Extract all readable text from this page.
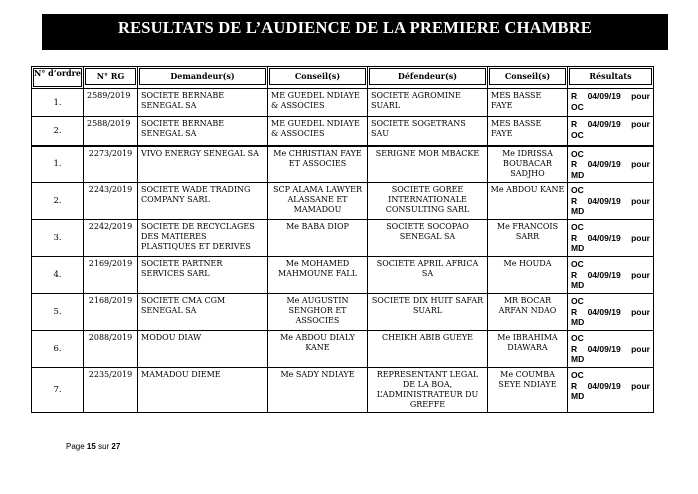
RESULTATS DE L’AUDIENCE DE LA PREMIERE CHAMBRE
N° d’ordre	N° RG	Demandeur(s)	Conseil(s)	Défendeur(s)	Conseil(s)	Résultats

1.	2589/2019	SOCIETE BERNABE SENEGAL SA	ME GUEDEL NDIAYE & ASSOCIES	SOCIETE AGROMINE SUARL	MES BASSE FAYE	R 04/09/19 pour
OC

2.	2588/2019	SOCIETE BERNABE SENEGAL SA	ME GUEDEL NDIAYE & ASSOCIES	SOCIETE SOGETRANS SAU	MES BASSE FAYE	R 04/09/19 pour
OC

1.	2273/2019	VIVO ENERGY SENEGAL SA	Me CHRISTIAN FAYE ET ASSOCIES	SERIGNE MOR MBACKE	Me IDRISSA BOUBACAR SADJHO	OC
R 04/09/19 pour
MD

2.	2243/2019	SOCIETE WADE TRADING COMPANY SARL	SCP ALAMA LAWYER ALASSANE ET MAMADOU	SOCIETE GOREE INTERNATIONALE CONSULTING SARL	Me ABDOU KANE	OC
R 04/09/19 pour
MD

3.	2242/2019	SOCIETE DE RECYCLAGES DES MATIERES PLASTIQUES ET DERIVES	Me BABA DIOP	SOCIETE SOCOPAO SENEGAL SA	Me FRANCOIS SARR	OC
R 04/09/19 pour
MD

4.	2169/2019	SOCIETE PARTNER SERVICES SARL	Me MOHAMED MAHMOUNE FALL	SOCIETE APRIL AFRICA SA	Me HOUDA	OC
R 04/09/19 pour
MD

5.	2168/2019	SOCIETE CMA CGM SENEGAL SA	Me AUGUSTIN SENGHOR ET ASSOCIES	SOCIETE DIX HUIT SAFAR SUARL	MR BOCAR ARFAN NDAO	OC
R 04/09/19 pour
MD

6.	2088/2019	MODOU DIAW	Me ABDOU DIALY KANE	CHEIKH ABIB GUEYE	Me IBRAHIMA DIAWARA	OC
R 04/09/19 pour
MD

7.	2235/2019	MAMADOU DIEME	Me SADY NDIAYE	REPRESENTANT LEGAL DE LA BOA, L’ADMINISTRATEUR DU GREFFE	Me COUMBA SEYE NDIAYE	OC
R 04/09/19 pour
MD
Page 15 sur 27
